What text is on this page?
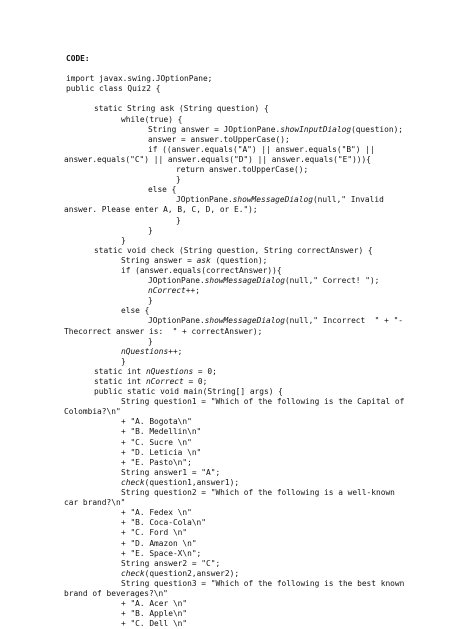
CODE:
import javax.swing.JOptionPane;
public class Quiz2 {
static String ask (String question) {
while(true) {
String answer = JOptionPane.showInputDialog(question);
answer = answer.toUpperCase();
if ((answer.equals("A") || answer.equals("B") ||
answer.equals("C") || answer.equals("D") || answer.equals("E"))){
return answer.toUpperCase();
}
else {
JOptionPane.showMessageDialog(null," Invalid
answer. Please enter A, B, C, D, or E.");
}
}
}
static void check (String question, String correctAnswer) {
String answer = ask (question);
if (answer.equals(correctAnswer)){
JOptionPane.showMessageDialog(null," Correct! ");
nCorrect++;
}
else {
JOptionPane.showMessageDialog(null," Incorrect  " + "-
Thecorrect answer is:  " + correctAnswer);
}
nQuestions++;
}
static int nQuestions = 0;
static int nCorrect = 0;
public static void main(String[] args) {
String question1 = "Which of the following is the Capital of
Colombia?\n"
+ "A. Bogota\n"
+ "B. Medellin\n"
+ "C. Sucre \n"
+ "D. Leticia \n"
+ "E. Pasto\n";
String answer1 = "A";
check(question1,answer1);
String question2 = "Which of the following is a well-known
car brand?\n"
+ "A. Fedex \n"
+ "B. Coca-Cola\n"
+ "C. Ford \n"
+ "D. Amazon \n"
+ "E. Space-X\n";
String answer2 = "C";
check(question2,answer2);
String question3 = "Which of the following is the best known
brand of beverages?\n"
+ "A. Acer \n"
+ "B. Apple\n"
+ "C. Dell \n"
